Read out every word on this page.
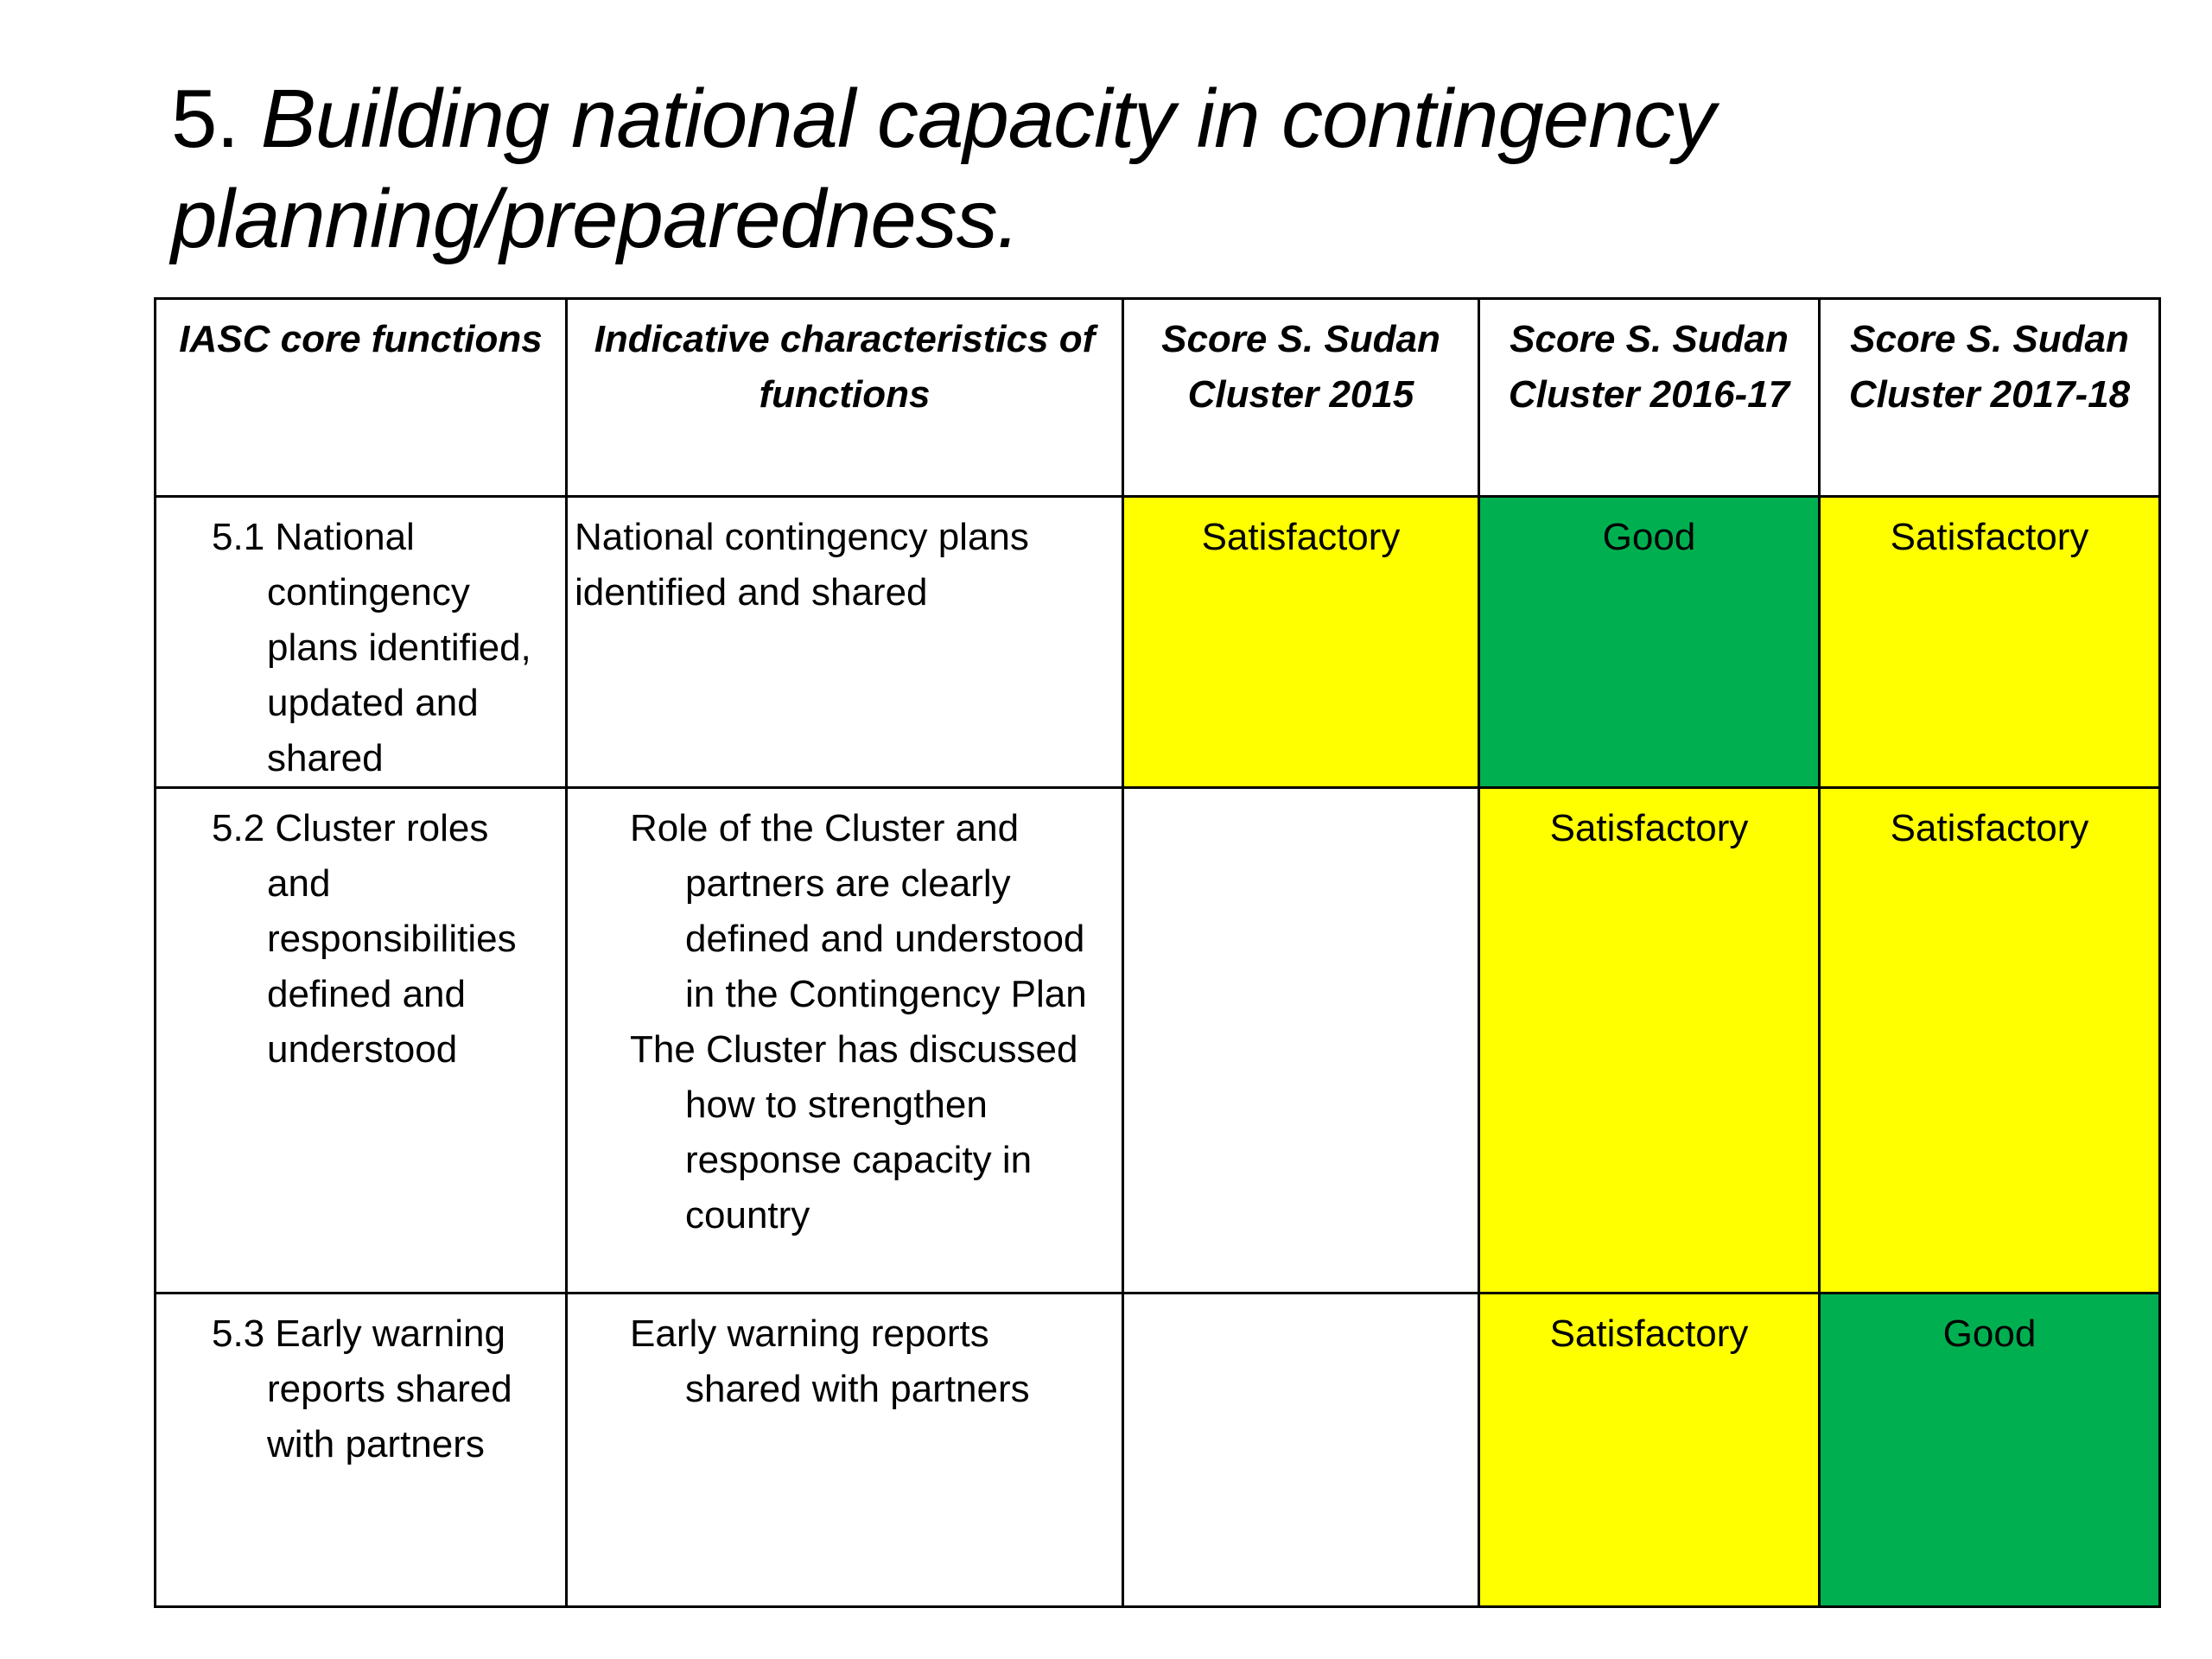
5. Building national capacity in contingency planning/preparedness.
IASC core functions	Indicative characteristics of functions	Score S. Sudan Cluster 2015	Score S. Sudan Cluster 2016-17	Score S. Sudan Cluster 2017-18

5.1 National contingency plans identified, updated and shared	National contingency plans identified and shared	Satisfactory	Good	Satisfactory

5.2 Cluster roles and responsibilities defined and understood	Role of the Cluster and partners are clearly defined and understood in the Contingency Plan
The Cluster has discussed how to strengthen response capacity in country		Satisfactory	Satisfactory

5.3 Early warning reports shared with partners	Early warning reports shared with partners		Satisfactory	Good
